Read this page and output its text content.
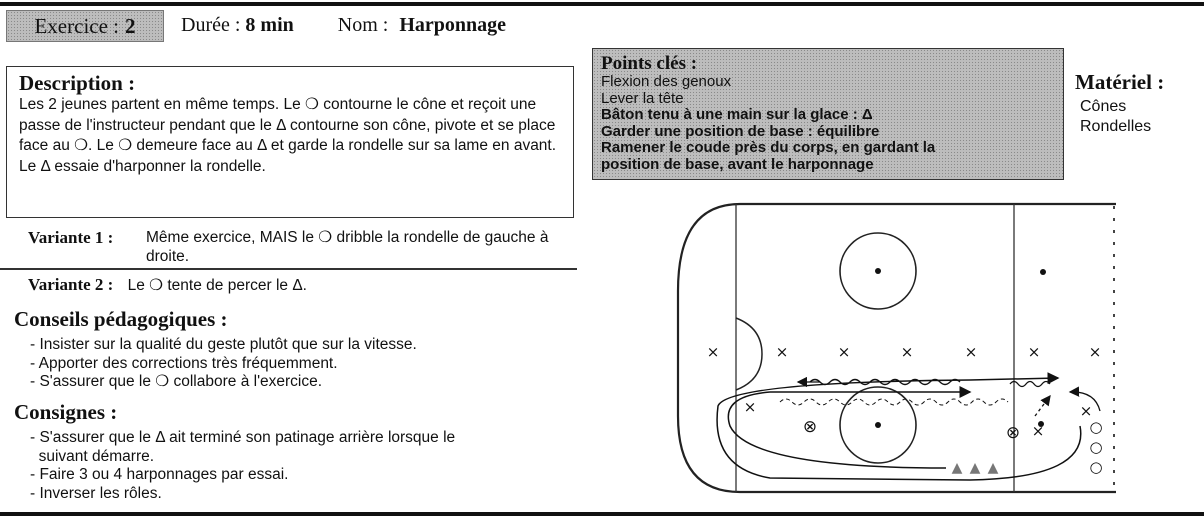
Exercice : 2 Durée : 8 min Nom : Harponnage
Description :
Les 2 jeunes partent en même temps. Le ❍ contourne le cône et reçoit une passe de l'instructeur pendant que le Δ contourne son cône, pivote et se place face au ❍. Le ❍ demeure face au Δ et garde la rondelle sur sa lame en avant. Le Δ essaie d'harponner la rondelle.
Variante 1 : Même exercice, MAIS le ❍ dribble la rondelle de gauche à droite.
Variante 2 : Le ❍ tente de percer le Δ.
Conseils pédagogiques :
- Insister sur la qualité du geste plutôt que sur la vitesse.
- Apporter des corrections très fréquemment.
- S'assurer que le ❍ collabore à l'exercice.
Consignes :
- S'assurer que le Δ ait terminé son patinage arrière lorsque le
suivant démarre.
- Faire 3 ou 4 harponnages par essai.
- Inverser les rôles.
Points clés :
Flexion des genoux
Lever la tête
Bâton tenu à une main sur la glace : Δ
Garder une position de base : équilibre
Ramener le coude près du corps, en gardant la
position de base, avant le harponnage
Matériel :
Cônes
Rondelles
×	×	×	×	×	×	×
×	×
×
⊗	⊗	○
○
○
▲ ▲ ▲
